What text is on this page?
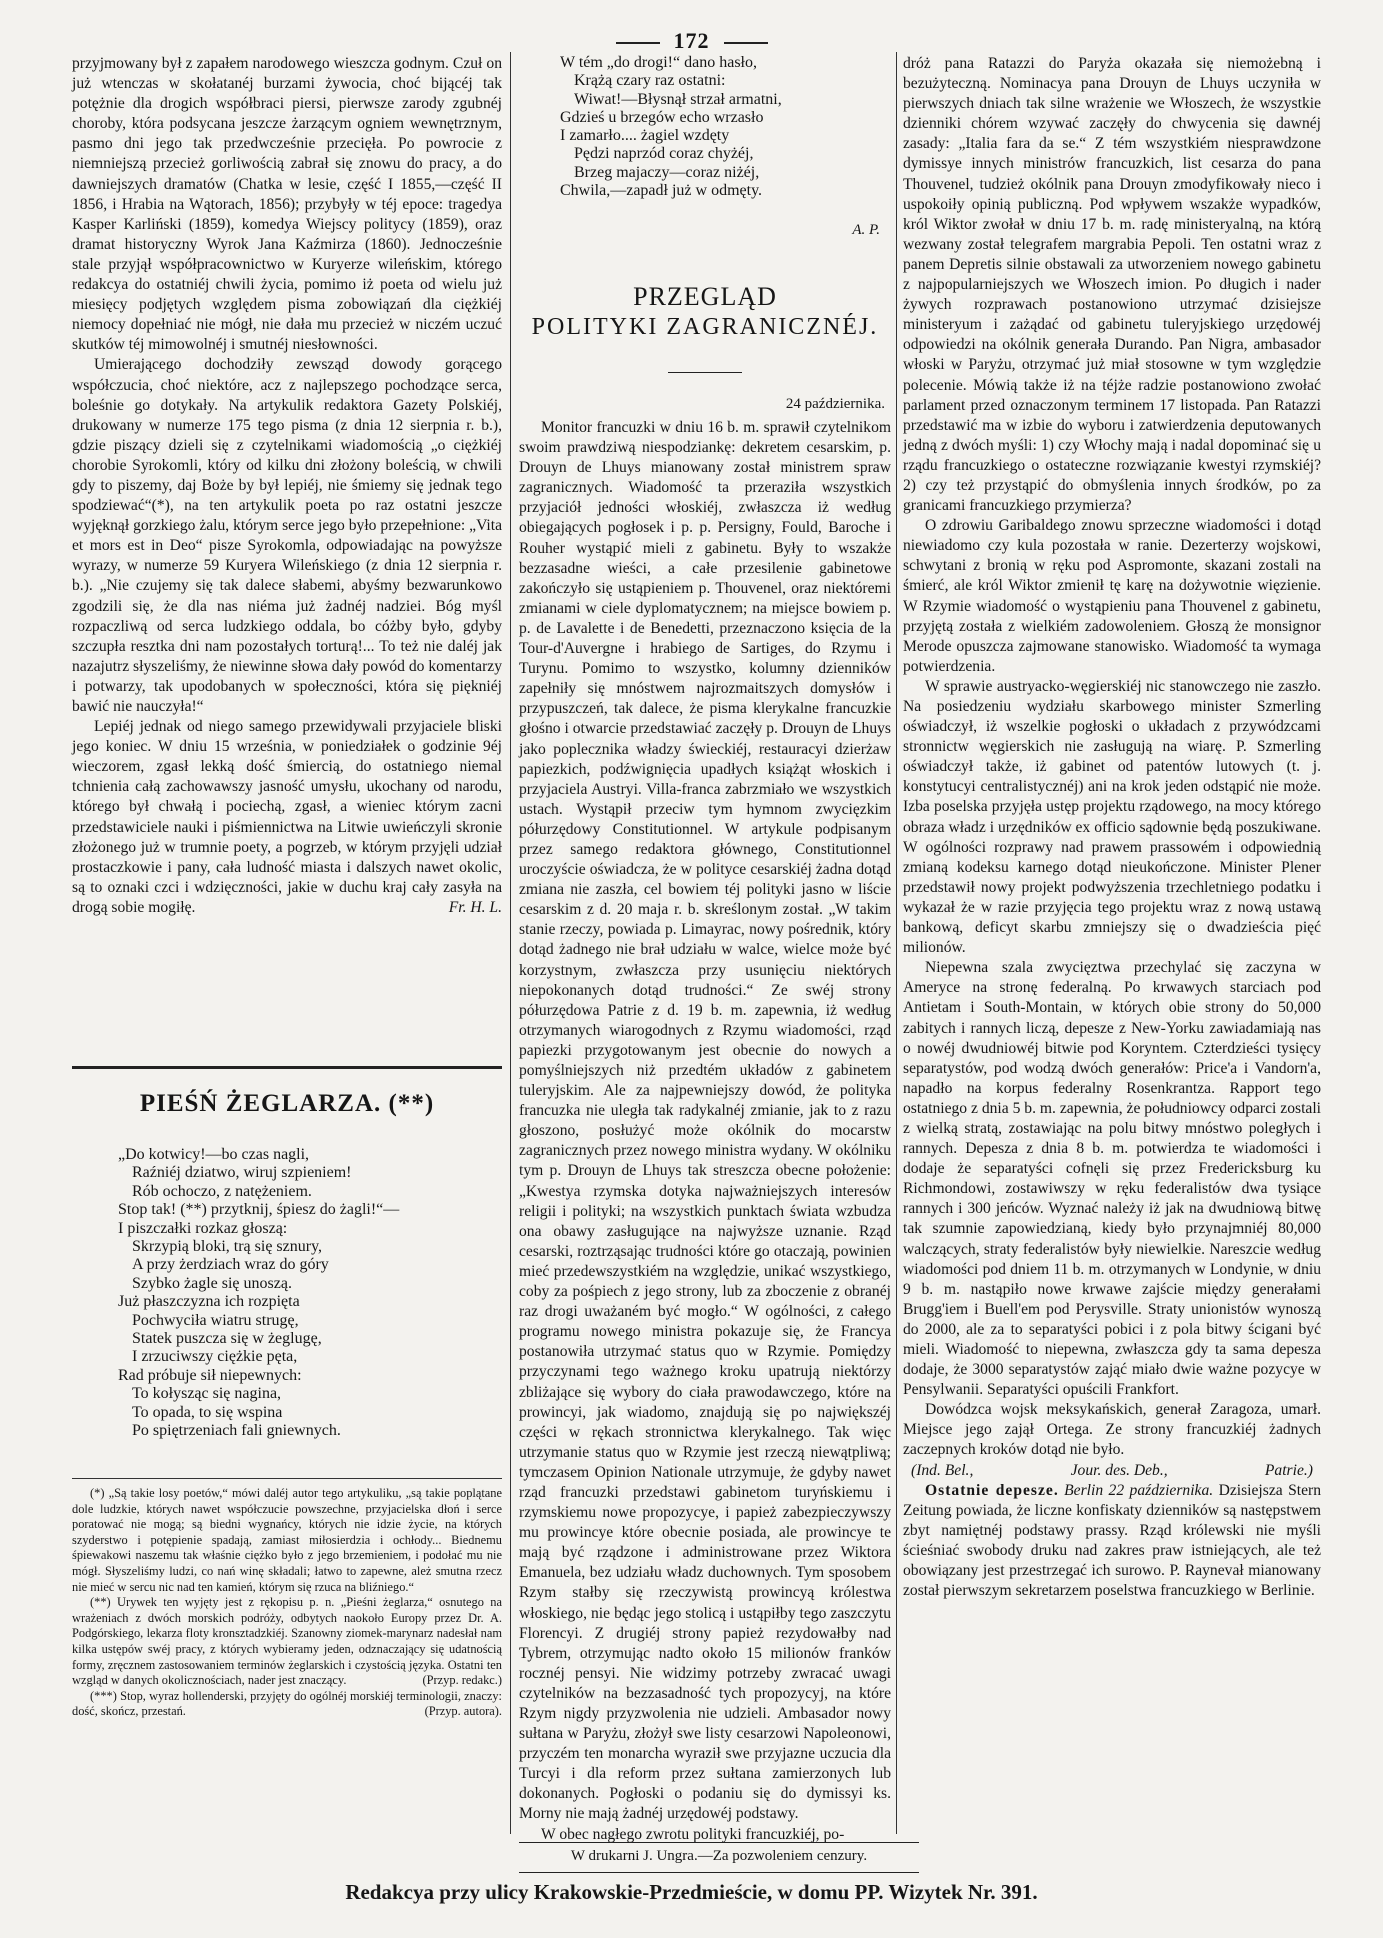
172

przyjmowany był z zapałem narodowego wieszcza godnym. Czuł on już wtenczas w skołatanéj burzami żywocia, choć bijącéj tak potężnie dla drogich współbraci piersi, pierwsze zarody zgubnéj choroby, która podsycana jeszcze żarzącym ogniem wewnętrznym, pasmo dni jego tak przedwcześnie przecięła. Po powrocie z niemniejszą przecież gorliwością zabrał się znowu do pracy, a do dawniejszych dramatów (Chatka w lesie, część I 1855,—część II 1856, i Hrabia na Wątorach, 1856); przybyły w téj epoce: tragedya Kasper Karliński (1859), komedya Wiejscy politycy (1859), oraz dramat historyczny Wyrok Jana Kaźmirza (1860). Jednocześnie stale przyjął współpracownictwo w Kuryerze wileńskim, którego redakcya do ostatniéj chwili życia, pomimo iż poeta od wielu już miesięcy podjętych względem pisma zobowiązań dla ciężkiéj niemocy dopełniać nie mógł, nie dała mu przecież w niczém uczuć skutków téj mimowolnéj i smutnéj niesłowności.

Umierającego dochodziły zewsząd dowody gorącego współczucia, choć niektóre, acz z najlepszego pochodzące serca, boleśnie go dotykały. Na artykulik redaktora Gazety Polskiéj, drukowany w numerze 175 tego pisma (z dnia 12 sierpnia r. b.), gdzie piszący dzieli się z czytelnikami wiadomością „o ciężkiéj chorobie Syrokomli, który od kilku dni złożony boleścią, w chwili gdy to piszemy, daj Boże by był lepiéj, nie śmiemy się jednak tego spodziewać“(*), na ten artykulik poeta po raz ostatni jeszcze wyjęknął gorzkiego żalu, którym serce jego było przepełnione: „Vita et mors est in Deo“ pisze Syrokomla, odpowiadając na powyższe wyrazy, w numerze 59 Kuryera Wileńskiego (z dnia 12 sierpnia r. b.). „Nie czujemy się tak dalece słabemi, abyśmy bezwarunkowo zgodzili się, że dla nas niéma już żadnéj nadziei. Bóg myśl rozpaczliwą od serca ludzkiego oddala, bo cóżby było, gdyby szczupła resztka dni nam pozostałych torturą!... To też nie daléj jak nazajutrz słyszeliśmy, że niewinne słowa dały powód do komentarzy i potwarzy, tak upodobanych w społeczności, która się piękniéj bawić nie nauczyła!“

Lepiéj jednak od niego samego przewidywali przyjaciele bliski jego koniec. W dniu 15 września, w poniedziałek o godzinie 9éj wieczorem, zgasł lekką dość śmiercią, do ostatniego niemal tchnienia całą zachowawszy jasność umysłu, ukochany od narodu, którego był chwałą i pociechą, zgasł, a wieniec którym zacni przedstawiciele nauki i piśmiennictwa na Litwie uwieńczyli skronie złożonego już w trumnie poety, a pogrzeb, w którym przyjęli udział prostaczkowie i pany, cała ludność miasta i dalszych nawet okolic, są to oznaki czci i wdzięczności, jakie w duchu kraj cały zasyła na drogą sobie mogiłę.	Fr. H. L.

PIEŚŃ ŻEGLARZA. (**)
„Do kotwicy!—bo czas nagli,
Raźniéj dziatwo, wiruj szpieniem!
Rób ochoczo, z natężeniem.
Stop tak! (**) przytknij, śpiesz do żagli!“—
I piszczałki rozkaz głoszą:
Skrzypią bloki, trą się sznury,
A przy żerdziach wraz do góry
Szybko żagle się unoszą.
Już płaszczyzna ich rozpięta
Pochwyciła wiatru strugę,
Statek puszcza się w żeglugę,
I zrzuciwszy ciężkie pęta,
Rad próbuje sił niepewnych:
To kołysząc się nagina,
To opada, to się wspina
Po spiętrzeniach fali gniewnych.

(*) „Są takie losy poetów,“ mówi daléj autor tego artykuliku, „są takie poplątane dole ludzkie, których nawet współczucie powszechne, przyjacielska dłoń i serce poratować nie mogą; są biedni wygnańcy, których nie idzie życie, na których szyderstwo i potępienie spadają, zamiast miłosierdzia i ochłody... Biednemu śpiewakowi naszemu tak właśnie ciężko było z jego brzemieniem, i podołać mu nie mógł. Słyszeliśmy ludzi, co nań winę składali; łatwo to zapewne, ależ smutna rzecz nie mieć w sercu nic nad ten kamień, którym się rzuca na bliźniego.“

(**) Urywek ten wyjęty jest z rękopisu p. n. „Pieśni żeglarza,“ osnutego na wrażeniach z dwóch morskich podróży, odbytych naokoło Europy przez Dr. A. Podgórskiego, lekarza floty kronsztadzkiéj. Szanowny ziomek-marynarz nadesłał nam kilka ustępów swéj pracy, z których wybieramy jeden, odznaczający się udatnością formy, zręcznem zastosowaniem terminów żeglarskich i czystością języka. Ostatni ten wzgląd w danych okolicznościach, nader jest znaczący.	(Przyp. redakc.)

(***) Stop, wyraz hollenderski, przyjęty do ogólnéj morskiéj terminologii, znaczy: dość, skończ, przestań.	(Przyp. autora).

W tém „do drogi!“ dano hasło,
Krążą czary raz ostatni:
Wiwat!—Błysnął strzał armatni,
Gdzieś u brzegów echo wrzasło
I zamarło.... żagiel wzdęty
Pędzi naprzód coraz chyżéj,
Brzeg majaczy—coraz niżéj,
Chwila,—zapadł już w odmęty.
A. P.
PRZEGLĄD
POLITYKI ZAGRANICZNÉJ.
24 października.

Monitor francuzki w dniu 16 b. m. sprawił czytelnikom swoim prawdziwą niespodziankę: dekretem cesarskim, p. Drouyn de Lhuys mianowany został ministrem spraw zagranicznych. Wiadomość ta przeraziła wszystkich przyjaciół jedności włoskiéj, zwłaszcza iż według obiegających pogłosek i p. p. Persigny, Fould, Baroche i Rouher wystąpić mieli z gabinetu. Były to wszakże bezzasadne wieści, a całe przesilenie gabinetowe zakończyło się ustąpieniem p. Thouvenel, oraz niektóremi zmianami w ciele dyplomatycznem; na miejsce bowiem p. p. de Lavalette i de Benedetti, przeznaczono księcia de la Tour-d'Auvergne i hrabiego de Sartiges, do Rzymu i Turynu. Pomimo to wszystko, kolumny dzienników zapełniły się mnóstwem najrozmaitszych domysłów i przypuszczeń, tak dalece, że pisma klerykalne francuzkie głośno i otwarcie przedstawiać zaczęły p. Drouyn de Lhuys jako poplecznika władzy świeckiéj, restauracyi dzierżaw papiezkich, podźwignięcia upadłych książąt włoskich i przyjaciela Austryi. Villa-franca zabrzmiało we wszystkich ustach. Wystąpił przeciw tym hymnom zwycięzkim półurzędowy Constitutionnel. W artykule podpisanym przez samego redaktora głównego, Constitutionnel uroczyście oświadcza, że w polityce cesarskiéj żadna dotąd zmiana nie zaszła, cel bowiem téj polityki jasno w liście cesarskim z d. 20 maja r. b. skreślonym został. „W takim stanie rzeczy, powiada p. Limayrac, nowy pośrednik, który dotąd żadnego nie brał udziału w walce, wielce może być korzystnym, zwłaszcza przy usunięciu niektórych niepokonanych dotąd trudności.“ Ze swéj strony półurzędowa Patrie z d. 19 b. m. zapewnia, iż według otrzymanych wiarogodnych z Rzymu wiadomości, rząd papiezki przygotowanym jest obecnie do nowych a pomyślniejszych niż przedtém układów z gabinetem tuleryjskim. Ale za najpewniejszy dowód, że polityka francuzka nie uległa tak radykalnéj zmianie, jak to z razu głoszono, posłużyć może okólnik do mocarstw zagranicznych przez nowego ministra wydany. W okólniku tym p. Drouyn de Lhuys tak streszcza obecne położenie: „Kwestya rzymska dotyka najważniejszych interesów religii i polityki; na wszystkich punktach świata wzbudza ona obawy zasługujące na najwyższe uznanie. Rząd cesarski, roztrząsając trudności które go otaczają, powinien mieć przedewszystkiém na względzie, unikać wszystkiego, coby za pośpiech z jego strony, lub za zboczenie z obranéj raz drogi uważaném być mogło.“ W ogólności, z całego programu nowego ministra pokazuje się, że Francya postanowiła utrzymać status quo w Rzymie. Pomiędzy przyczynami tego ważnego kroku upatrują niektórzy zbliżające się wybory do ciała prawodawczego, które na prowincyi, jak wiadomo, znajdują się po największéj części w rękach stronnictwa klerykalnego. Tak więc utrzymanie status quo w Rzymie jest rzeczą niewątpliwą; tymczasem Opinion Nationale utrzymuje, że gdyby nawet rząd francuzki przedstawi gabinetom turyńskiemu i rzymskiemu nowe propozycye, i papież zabezpieczywszy mu prowincye które obecnie posiada, ale prowincye te mają być rządzone i administrowane przez Wiktora Emanuela, bez udziału władz duchownych. Tym sposobem Rzym stałby się rzeczywistą prowincyą królestwa włoskiego, nie będąc jego stolicą i ustąpiłby tego zaszczytu Florencyi. Z drugiéj strony papież rezydowałby nad Tybrem, otrzymując nadto około 15 milionów franków rocznéj pensyi. Nie widzimy potrzeby zwracać uwagi czytelników na bezzasadność tych propozycyj, na które Rzym nigdy przyzwolenia nie udzieli. Ambasador nowy sułtana w Paryżu, złożył swe listy cesarzowi Napoleonowi, przyczém ten monarcha wyraził swe przyjazne uczucia dla Turcyi i dla reform przez sułtana zamierzonych lub dokonanych. Pogłoski o podaniu się do dymissyi ks. Morny nie mają żadnéj urzędowéj podstawy.

W obec nagłego zwrotu polityki francuzkiéj, po-

dróż pana Ratazzi do Paryża okazała się niemożebną i bezużyteczną. Nominacya pana Drouyn de Lhuys uczyniła w pierwszych dniach tak silne wrażenie we Włoszech, że wszystkie dzienniki chórem wzywać zaczęły do chwycenia się dawnéj zasady: „Italia fara da se.“ Z tém wszystkiém niesprawdzone dymissye innych ministrów francuzkich, list cesarza do pana Thouvenel, tudzież okólnik pana Drouyn zmodyfikowały nieco i uspokoiły opinią publiczną. Pod wpływem wszakże wypadków, król Wiktor zwołał w dniu 17 b. m. radę ministeryalną, na którą wezwany został telegrafem margrabia Pepoli. Ten ostatni wraz z panem Depretis silnie obstawali za utworzeniem nowego gabinetu z najpopularniejszych we Włoszech imion. Po długich i nader żywych rozprawach postanowiono utrzymać dzisiejsze ministeryum i zażądać od gabinetu tuleryjskiego urzędowéj odpowiedzi na okólnik generała Durando. Pan Nigra, ambasador włoski w Paryżu, otrzymać już miał stosowne w tym względzie polecenie. Mówią także iż na téjże radzie postanowiono zwołać parlament przed oznaczonym terminem 17 listopada. Pan Ratazzi przedstawić ma w izbie do wyboru i zatwierdzenia deputowanych jedną z dwóch myśli: 1) czy Włochy mają i nadal dopominać się u rządu francuzkiego o ostateczne rozwiązanie kwestyi rzymskiéj? 2) czy też przystąpić do obmyślenia innych środków, po za granicami francuzkiego przymierza?

O zdrowiu Garibaldego znowu sprzeczne wiadomości i dotąd niewiadomo czy kula pozostała w ranie. Dezerterzy wojskowi, schwytani z bronią w ręku pod Aspromonte, skazani zostali na śmierć, ale król Wiktor zmienił tę karę na dożywotnie więzienie. W Rzymie wiadomość o wystąpieniu pana Thouvenel z gabinetu, przyjętą została z wielkiém zadowoleniem. Głoszą że monsignor Merode opuszcza zajmowane stanowisko. Wiadomość ta wymaga potwierdzenia.

W sprawie austryacko-węgierskiéj nic stanowczego nie zaszło. Na posiedzeniu wydziału skarbowego minister Szmerling oświadczył, iż wszelkie pogłoski o układach z przywódzcami stronnictw węgierskich nie zasługują na wiarę. P. Szmerling oświadczył także, iż gabinet od patentów lutowych (t. j. konstytucyi centralistycznéj) ani na krok jeden odstąpić nie może. Izba poselska przyjęła ustęp projektu rządowego, na mocy którego obraza władz i urzędników ex officio sądownie będą poszukiwane. W ogólności rozprawy nad prawem prassowém i odpowiednią zmianą kodeksu karnego dotąd nieukończone. Minister Plener przedstawił nowy projekt podwyższenia trzechletniego podatku i wykazał że w razie przyjęcia tego projektu wraz z nową ustawą bankową, deficyt skarbu zmniejszy się o dwadzieścia pięć milionów.

Niepewna szala zwycięztwa przechylać się zaczyna w Ameryce na stronę federalną. Po krwawych starciach pod Antietam i South-Montain, w których obie strony do 50,000 zabitych i rannych liczą, depesze z New-Yorku zawiadamiają nas o nowéj dwudniowéj bitwie pod Koryntem. Czterdzieści tysięcy separatystów, pod wodzą dwóch generałów: Price'a i Vandorn'a, napadło na korpus federalny Rosenkrantza. Rapport tego ostatniego z dnia 5 b. m. zapewnia, że południowcy odparci zostali z wielką stratą, zostawiając na polu bitwy mnóstwo poległych i rannych. Depesza z dnia 8 b. m. potwierdza te wiadomości i dodaje że separatyści cofnęli się przez Fredericksburg ku Richmondowi, zostawiwszy w ręku federalistów dwa tysiące rannych i 300 jeńców. Wyznać należy iż jak na dwudniową bitwę tak szumnie zapowiedzianą, kiedy było przynajmniéj 80,000 walczących, straty federalistów były niewielkie. Nareszcie według wiadomości pod dniem 11 b. m. otrzymanych w Londynie, w dniu 9 b. m. nastąpiło nowe krwawe zajście między generałami Brugg'iem i Buell'em pod Perysville. Straty unionistów wynoszą do 2000, ale za to separatyści pobici i z pola bitwy ścigani być mieli. Wiadomość to niepewna, zwłaszcza gdy ta sama depesza dodaje, że 3000 separatystów zająć miało dwie ważne pozycye w Pensylwanii. Separatyści opuścili Frankfort.

Dowódzca wojsk meksykańskich, generał Zaragoza, umarł. Miejsce jego zajął Ortega. Ze strony francuzkiéj żadnych zaczepnych kroków dotąd nie było.

(Ind. Bel.,	Jour. des. Deb.,	Patrie.)

Ostatnie depesze. Berlin 22 października. Dzisiejsza Stern Zeitung powiada, że liczne konfiskaty dzienników są następstwem zbyt namiętnéj podstawy prassy. Rząd królewski nie myśli ścieśniać swobody druku nad zakres praw istniejących, ale też obowiązany jest przestrzegać ich surowo. P. Raynevał mianowany został pierwszym sekretarzem poselstwa francuzkiego w Berlinie.

W drukarni J. Ungra.—Za pozwoleniem cenzury.
Redakcya przy ulicy Krakowskie-Przedmieście, w domu PP. Wizytek Nr. 391.
